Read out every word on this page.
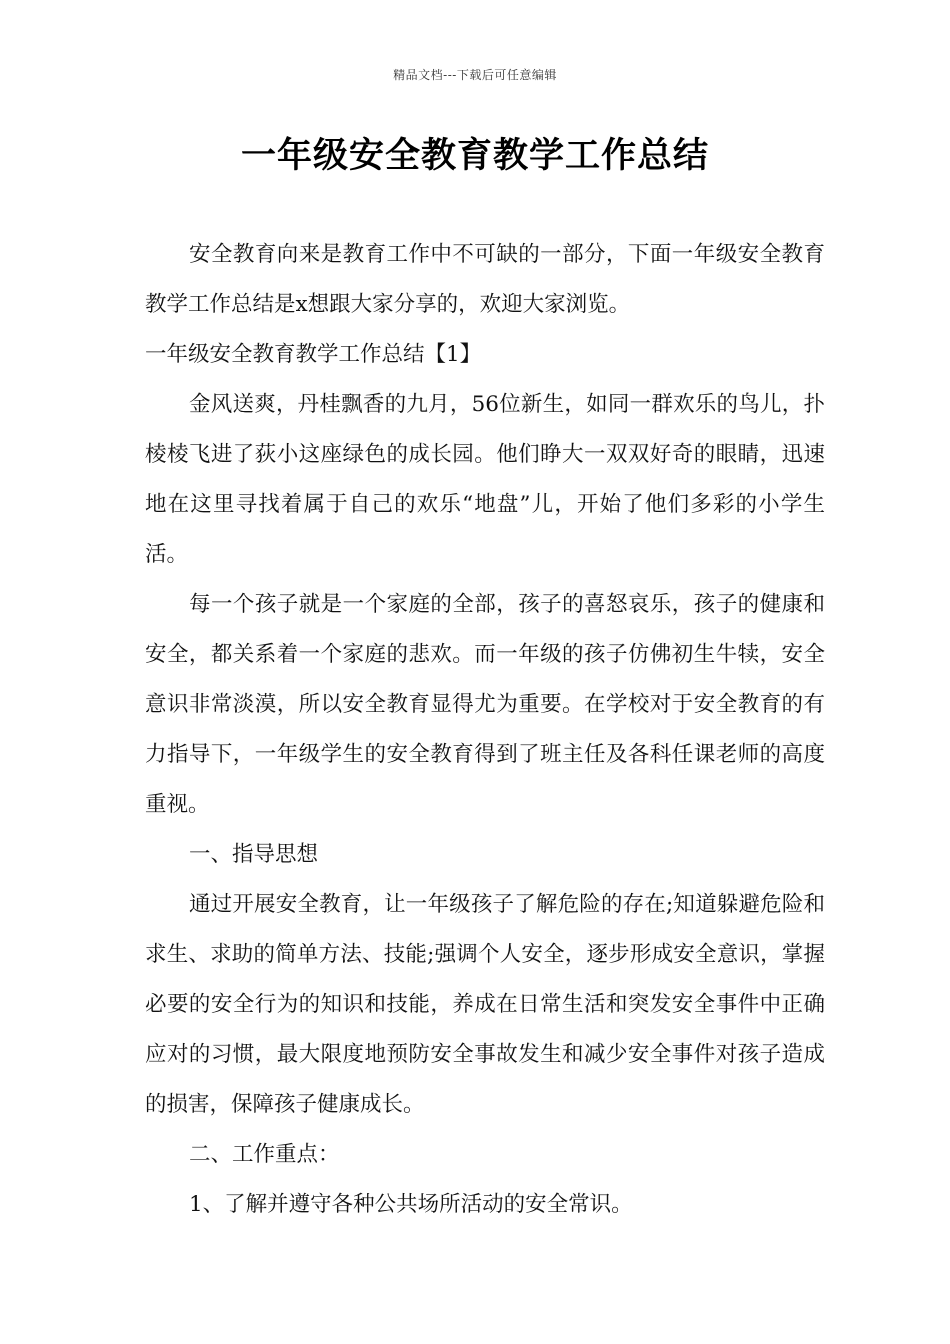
精品文档---下载后可任意编辑
一年级安全教育教学工作总结

安全教育向来是教育工作中不可缺的一部分，下面一年级安全教育教学工作总结是x想跟大家分享的，欢迎大家浏览。

一年级安全教育教学工作总结【1】

金风送爽，丹桂飘香的九月，56位新生，如同一群欢乐的鸟儿，扑棱棱飞进了荻小这座绿色的成长园。他们睁大一双双好奇的眼睛，迅速地在这里寻找着属于自己的欢乐“地盘”儿，开始了他们多彩的小学生活。

每一个孩子就是一个家庭的全部，孩子的喜怒哀乐，孩子的健康和安全，都关系着一个家庭的悲欢。而一年级的孩子仿佛初生牛犊，安全意识非常淡漠，所以安全教育显得尤为重要。在学校对于安全教育的有力指导下，一年级学生的安全教育得到了班主任及各科任课老师的高度重视。

一、指导思想

通过开展安全教育，让一年级孩子了解危险的存在;知道躲避危险和求生、求助的简单方法、技能;强调个人安全，逐步形成安全意识，掌握必要的安全行为的知识和技能，养成在日常生活和突发安全事件中正确应对的习惯，最大限度地预防安全事故发生和减少安全事件对孩子造成的损害，保障孩子健康成长。

二、工作重点：

1、了解并遵守各种公共场所活动的安全常识。
